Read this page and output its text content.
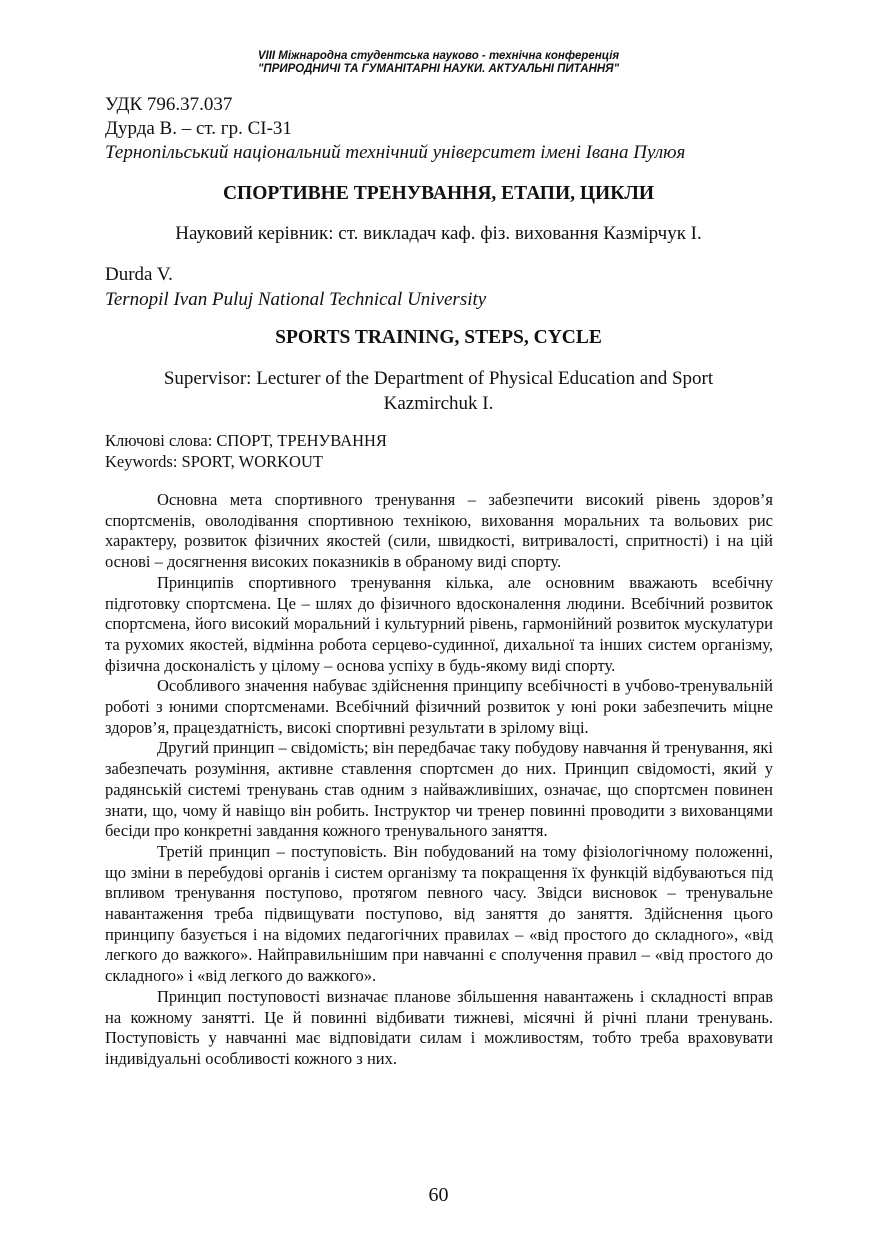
VIII Міжнародна студентська науково - технічна конференція
"ПРИРОДНИЧІ ТА ГУМАНІТАРНІ НАУКИ. АКТУАЛЬНІ ПИТАННЯ"
УДК 796.37.037
Дурда В. – ст. гр. СІ-31
Тернопільський національний технічний університет імені Івана Пулюя
СПОРТИВНЕ ТРЕНУВАННЯ, ЕТАПИ, ЦИКЛИ
Науковий керівник: ст. викладач каф. фіз. виховання Казмірчук І.
Durda V.
Ternopil Ivan Puluj National Technical University
SPORTS TRAINING, STEPS, CYCLE
Supervisor: Lecturer of the Department of Physical Education and Sport Kazmirchuk I.
Ключові слова: СПОРТ, ТРЕНУВАННЯ
Keywords: SPORT, WORKOUT

Основна мета спортивного тренування – забезпечити високий рівень здоров’я спортсменів, оволодівання спортивною технікою, виховання моральних та вольових рис характеру, розвиток фізичних якостей (сили, швидкості, витривалості, спритності) і на цій основі – досягнення високих показників в обраному виді спорту.

Принципів спортивного тренування кілька, але основним вважають всебічну підготовку спортсмена. Це – шлях до фізичного вдосконалення людини. Всебічний розвиток спортсмена, його високий моральний і культурний рівень, гармонійний розвиток мускулатури та рухомих якостей, відмінна робота серцево-судинної, дихальної та інших систем організму, фізична досконалість у цілому – основа успіху в будь-якому виді спорту.

Особливого значення набуває здійснення принципу всебічності в учбово-тренувальній роботі з юними спортсменами. Всебічний фізичний розвиток у юні роки забезпечить міцне здоров’я, працездатність, високі спортивні результати в зрілому віці.

Другий принцип – свідомість; він передбачає таку побудову навчання й тренування, які забезпечать розуміння, активне ставлення спортсмен до них. Принцип свідомості, який у радянській системі тренувань став одним з найважливіших, означає, що спортсмен повинен знати, що, чому й навіщо він робить. Інструктор чи тренер повинні проводити з вихованцями бесіди про конкретні завдання кожного тренувального заняття.

Третій принцип – поступовість. Він побудований на тому фізіологічному положенні, що зміни в перебудові органів і систем організму та покращення їх функцій відбуваються під впливом тренування поступово, протягом певного часу. Звідси висновок – тренувальне навантаження треба підвищувати поступово, від заняття до заняття. Здійснення цього принципу базується і на відомих педагогічних правилах – «від простого до складного», «від легкого до важкого». Найправильнішим при навчанні є сполучення правил – «від простого до складного» і «від легкого до важкого».

Принцип поступовості визначає планове збільшення навантажень і складності вправ на кожному занятті. Це й повинні відбивати тижневі, місячні й річні плани тренувань. Поступовість у навчанні має відповідати силам і можливостям, тобто треба враховувати індивідуальні особливості кожного з них.

60
